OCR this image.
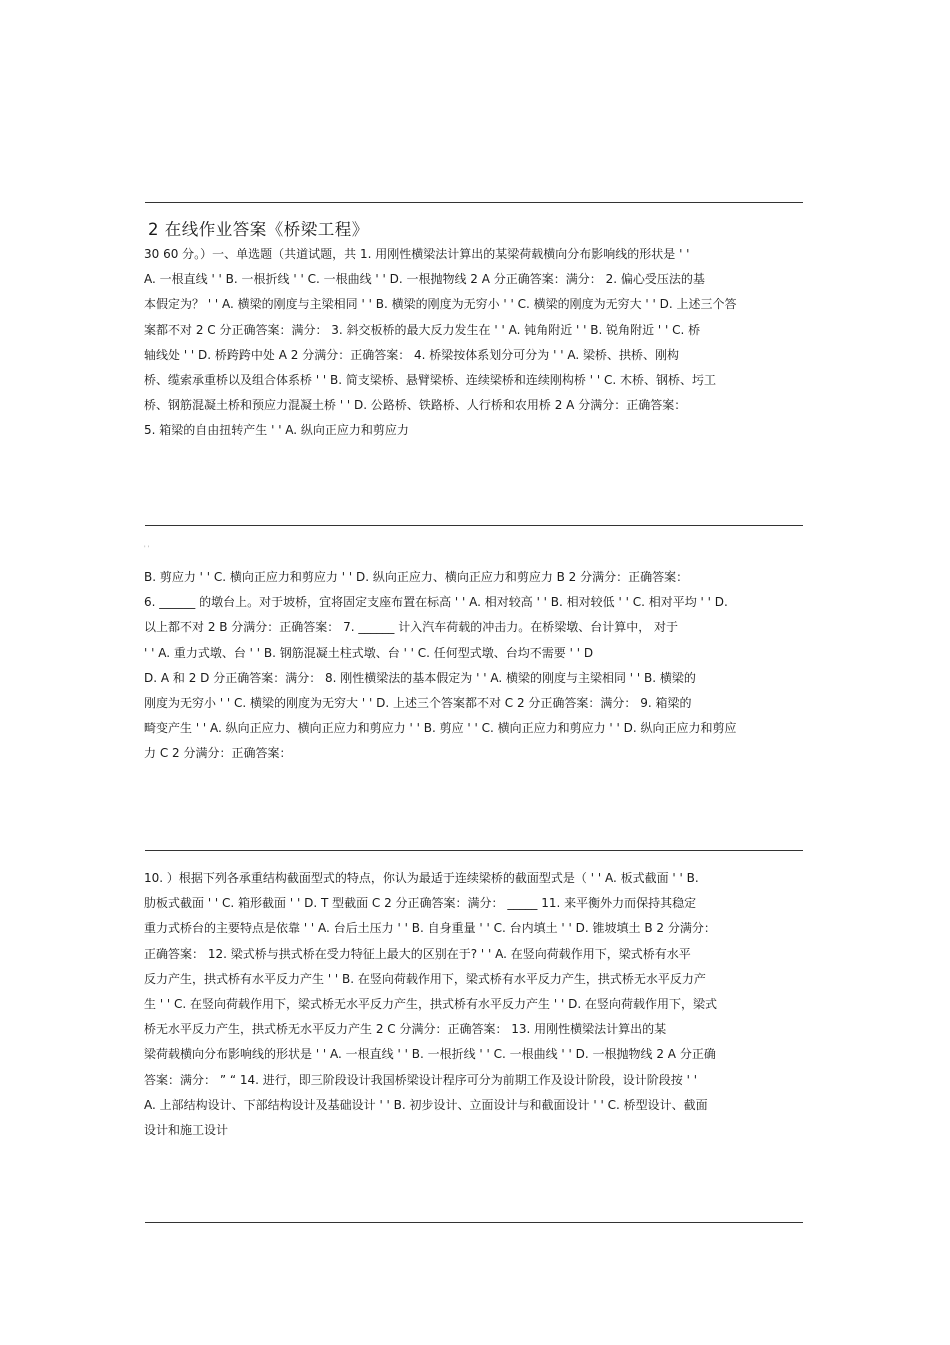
2 在线作业答案《桥梁工程》
30 60 分。）一、单选题（共道试题，共 1. 用刚性横梁法计算出的某梁荷载横向分布影响线的形状是 ' '
A. 一根直线 ' ' B. 一根折线 ' ' C. 一根曲线 ' ' D. 一根抛物线 2 A 分正确答案：满分： 2. 偏心受压法的基
本假定为？ ' ' A. 横梁的刚度与主梁相同 ' ' B. 横梁的刚度为无穷小 ' ' C. 横梁的刚度为无穷大 ' ' D. 上述三个答
案都不对 2 C 分正确答案：满分： 3. 斜交板桥的最大反力发生在 ' ' A. 钝角附近 ' ' B. 锐角附近 ' ' C. 桥
轴线处 ' ' D. 桥跨跨中处 A 2 分满分：正确答案： 4. 桥梁按体系划分可分为 ' ' A. 梁桥、拱桥、刚构
桥、缆索承重桥以及组合体系桥 ' ' B. 简支梁桥、悬臂梁桥、连续梁桥和连续刚构桥 ' ' C. 木桥、钢桥、圬工
桥、钢筋混凝土桥和预应力混凝土桥 ' ' D. 公路桥、铁路桥、人行桥和农用桥 2 A 分满分：正确答案：
5. 箱梁的自由扭转产生 ' ' A. 纵向正应力和剪应力
' '
B. 剪应力 ' ' C. 横向正应力和剪应力 ' ' D. 纵向正应力、横向正应力和剪应力 B 2 分满分：正确答案：
6. ______ 的墩台上。对于坡桥，宜将固定支座布置在标高 ' ' A. 相对较高 ' ' B. 相对较低 ' ' C. 相对平均 ' ' D.
以上都不对 2 B 分满分：正确答案： 7. ______ 计入汽车荷载的冲击力。在桥梁墩、台计算中， 对于
' ' A. 重力式墩、台 ' ' B. 钢筋混凝土柱式墩、台 ' ' C. 任何型式墩、台均不需要 ' ' D
D. A 和 2 D 分正确答案：满分： 8. 刚性横梁法的基本假定为 ' ' A. 横梁的刚度与主梁相同 ' ' B. 横梁的
刚度为无穷小 ' ' C. 横梁的刚度为无穷大 ' ' D. 上述三个答案都不对 C 2 分正确答案：满分： 9. 箱梁的
畸变产生 ' ' A. 纵向正应力、横向正应力和剪应力 ' ' B. 剪应 ' ' C. 横向正应力和剪应力 ' ' D. 纵向正应力和剪应
力 C 2 分满分：正确答案：
10. ）根据下列各承重结构截面型式的特点，你认为最适于连续梁桥的截面型式是（ ' ' A. 板式截面 ' ' B.
肋板式截面 ' ' C. 箱形截面 ' ' D. T 型截面 C 2 分正确答案：满分： _____ 11. 来平衡外力而保持其稳定
重力式桥台的主要特点是依靠 ' ' A. 台后土压力 ' ' B. 自身重量 ' ' C. 台内填土 ' ' D. 锥坡填土 B 2 分满分：
正确答案： 12. 梁式桥与拱式桥在受力特征上最大的区别在于? ' ' A. 在竖向荷载作用下，梁式桥有水平
反力产生，拱式桥有水平反力产生 ' ' B. 在竖向荷载作用下，梁式桥有水平反力产生，拱式桥无水平反力产
生 ' ' C. 在竖向荷载作用下，梁式桥无水平反力产生，拱式桥有水平反力产生 ' ' D. 在竖向荷载作用下，梁式
桥无水平反力产生，拱式桥无水平反力产生 2 C 分满分：正确答案： 13. 用刚性横梁法计算出的某
梁荷载横向分布影响线的形状是 ' ' A. 一根直线 ' ' B. 一根折线 ' ' C. 一根曲线 ' ' D. 一根抛物线 2 A 分正确
答案：满分： ” “ 14. 进行，即三阶段设计我国桥梁设计程序可分为前期工作及设计阶段，设计阶段按 ' '
A. 上部结构设计、下部结构设计及基础设计 ' ' B. 初步设计、立面设计与和截面设计 ' ' C. 桥型设计、截面
设计和施工设计
